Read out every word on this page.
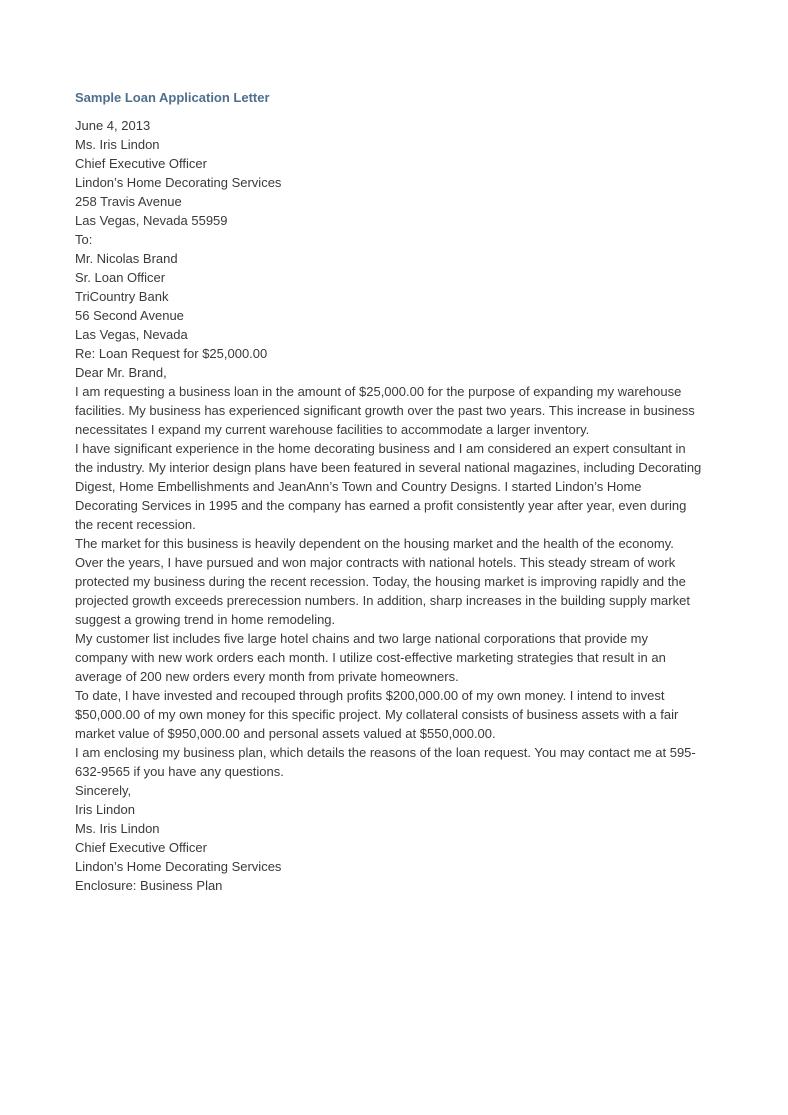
Sample Loan Application Letter
June 4, 2013
Ms. Iris Lindon
Chief Executive Officer
Lindon’s Home Decorating Services
258 Travis Avenue
Las Vegas, Nevada 55959
To:
Mr. Nicolas Brand
Sr. Loan Officer
TriCountry Bank
56 Second Avenue
Las Vegas, Nevada
Re: Loan Request for $25,000.00
Dear Mr. Brand,
I am requesting a business loan in the amount of $25,000.00 for the purpose of expanding my warehouse
facilities. My business has experienced significant growth over the past two years. This increase in business
necessitates I expand my current warehouse facilities to accommodate a larger inventory.
I have significant experience in the home decorating business and I am considered an expert consultant in
the industry. My interior design plans have been featured in several national magazines, including Decorating
Digest, Home Embellishments and JeanAnn’s Town and Country Designs. I started Lindon’s Home
Decorating Services in 1995 and the company has earned a profit consistently year after year, even during
the recent recession.
The market for this business is heavily dependent on the housing market and the health of the economy.
Over the years, I have pursued and won major contracts with national hotels. This steady stream of work
protected my business during the recent recession. Today, the housing market is improving rapidly and the
projected growth exceeds prerecession numbers. In addition, sharp increases in the building supply market
suggest a growing trend in home remodeling.
My customer list includes five large hotel chains and two large national corporations that provide my
company with new work orders each month. I utilize cost-effective marketing strategies that result in an
average of 200 new orders every month from private homeowners.
To date, I have invested and recouped through profits $200,000.00 of my own money. I intend to invest
$50,000.00 of my own money for this specific project. My collateral consists of business assets with a fair
market value of $950,000.00 and personal assets valued at $550,000.00.
I am enclosing my business plan, which details the reasons of the loan request. You may contact me at 595-
632-9565 if you have any questions.
Sincerely,
Iris Lindon
Ms. Iris Lindon
Chief Executive Officer
Lindon’s Home Decorating Services
Enclosure: Business Plan
